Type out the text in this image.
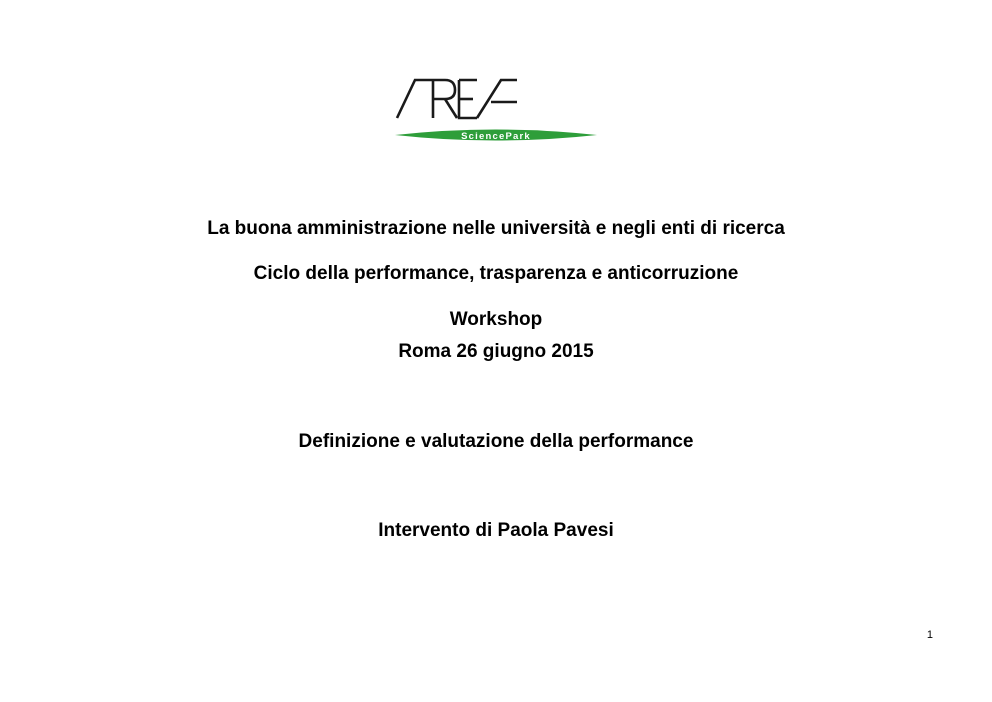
SciencePark
La buona amministrazione nelle università e negli enti di ricerca
Ciclo della performance, trasparenza e anticorruzione
Workshop
Roma 26 giugno 2015
Definizione e valutazione della performance
Intervento di Paola Pavesi
1
